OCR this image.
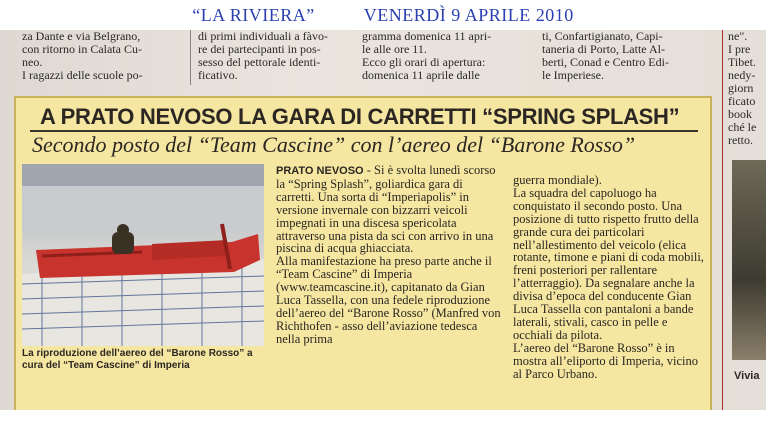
“LA RIVIERA”	VENERDÌ 9 APRILE 2010

za Dante e via Belgrano,

con ritorno in Calata Cu-

neo.

I ragazzi delle scuole po-

di primi individuali a fàvo-

re dei partecipanti in pos-

sesso del pettorale identi-

ficativo.

gramma domenica 11 apri-

le alle ore 11.

Ecco gli orari di apertura:

domenica 11 aprile dalle

ti, Confartigianato, Capi-

taneria di Porto, Latte Al-

berti, Conad e Centro Edi-

le Imperiese.

ne".

I pre

Tibet.

nedy-

giorn

ficato

book

ché le

retto.

Vivia
A PRATO NEVOSO LA GARA DI CARRETTI “SPRING SPLASH”
Secondo posto del “Team Cascine” con l’aereo del “Barone Rosso”
La riproduzione dell’aereo del “Barone Rosso” a cura del “Team Cascine” di Imperia

PRATO NEVOSO - Si è svolta lunedì scorso la “Spring Splash”, goliardica gara di carretti. Una sorta di “Imperiapolis” in versione invernale con bizzarri veicoli impegnati in una discesa spericolata attraverso una pista da sci con arrivo in una piscina di acqua ghiacciata.

Alla manifestazione ha preso parte anche il “Team Cascine” di Imperia (www.teamcascine.it), capitanato da Gian Luca Tassella, con una fedele riproduzione dell’aereo del “Barone Rosso” (Manfred von Richthofen - asso dell’aviazione tedesca nella prima

guerra mondiale).

La squadra del capoluogo ha conquistato il secondo posto. Una posizione di tutto rispetto frutto della grande cura dei particolari nell’allestimento del veicolo (elica rotante, timone e piani di coda mobili, freni posteriori per rallentare l’atterraggio). Da segnalare anche la divisa d’epoca del conducente Gian Luca Tassella con pantaloni a bande laterali, stivali, casco in pelle e occhiali da pilota.

L’aereo del “Barone Rosso” è in mostra all’eliporto di Imperia, vicino al Parco Urbano.
